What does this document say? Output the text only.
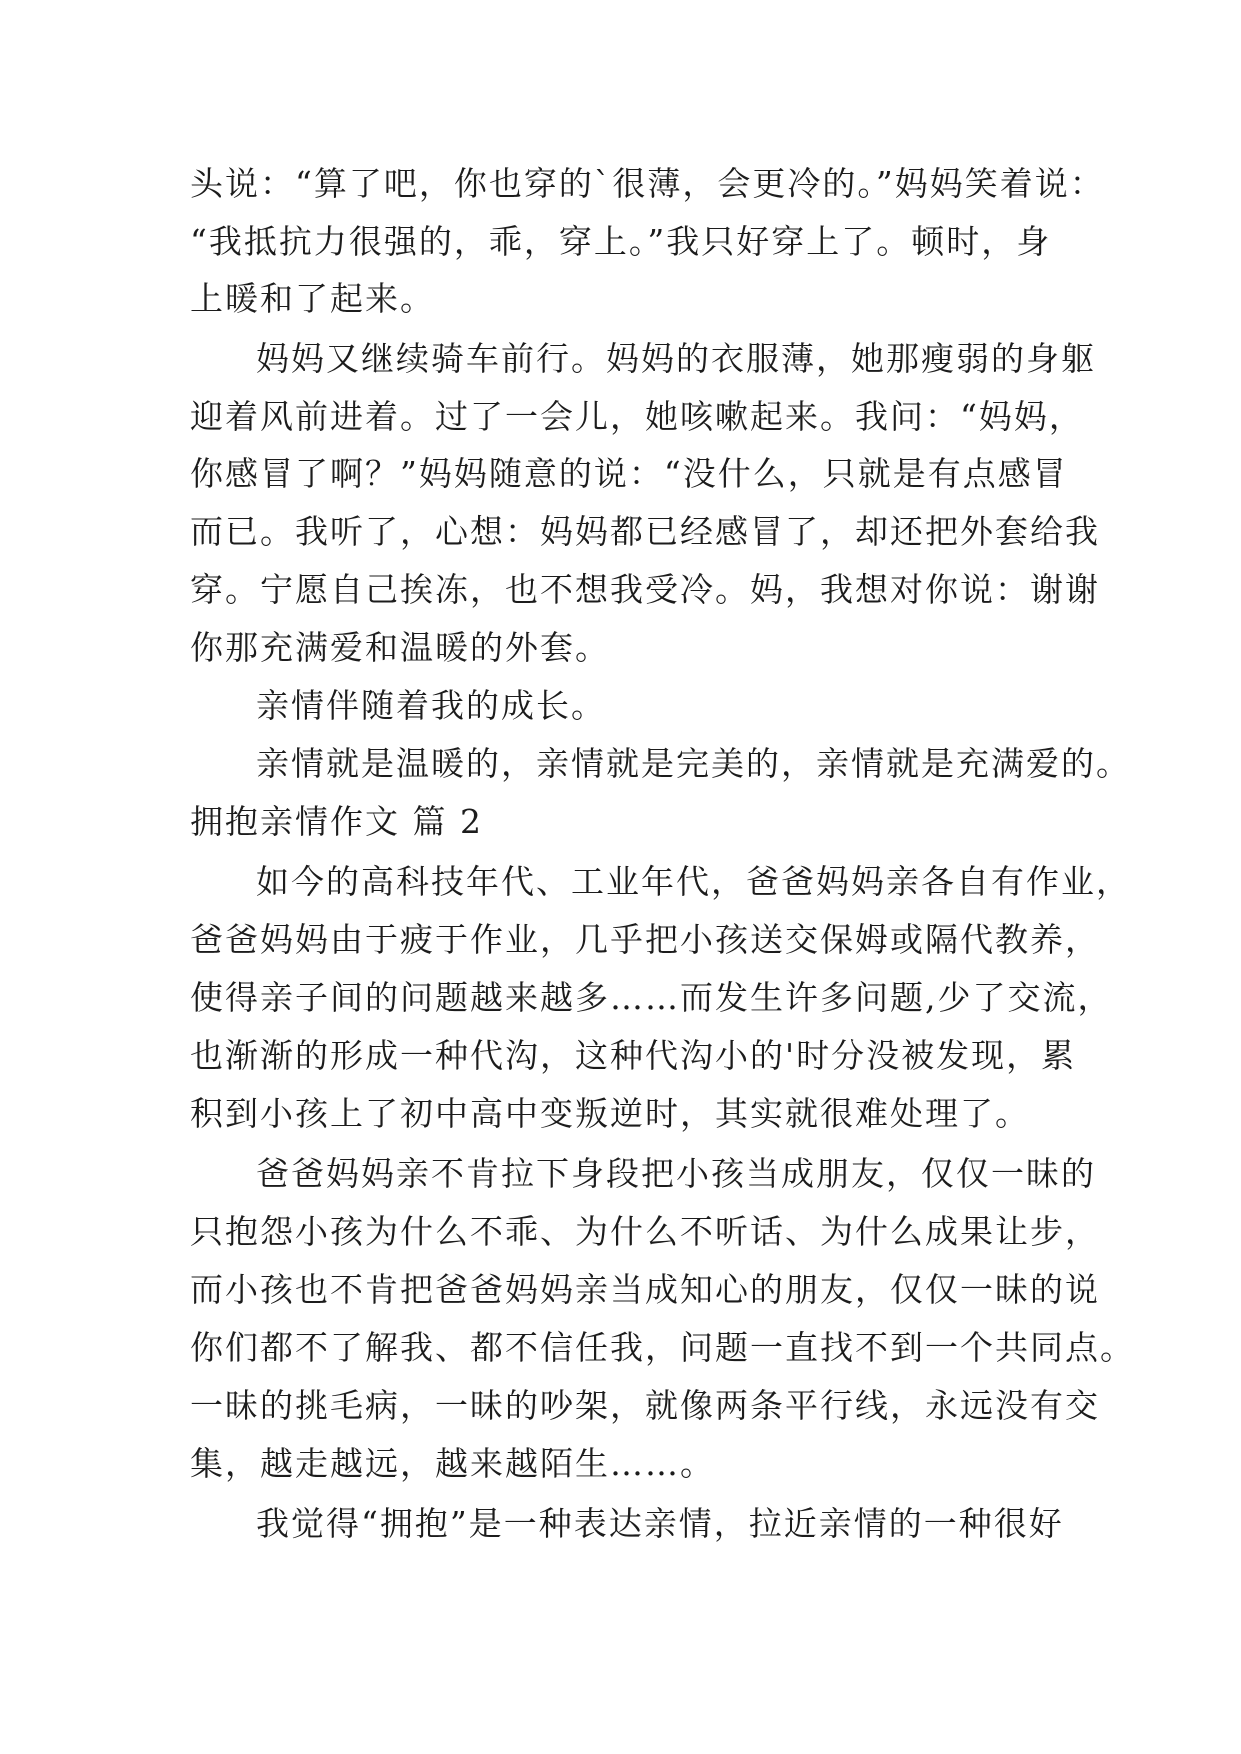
头说：“算了吧，你也穿的`很薄，会更冷的。”妈妈笑着说：
“我抵抗力很强的，乖，穿上。”我只好穿上了。顿时，身
上暖和了起来。
妈妈又继续骑车前行。妈妈的衣服薄，她那瘦弱的身躯
迎着风前进着。过了一会儿，她咳嗽起来。我问：“妈妈，
你感冒了啊？”妈妈随意的说：“没什么，只就是有点感冒
而已。我听了，心想：妈妈都已经感冒了，却还把外套给我
穿。宁愿自己挨冻，也不想我受冷。妈，我想对你说：谢谢
你那充满爱和温暖的外套。
亲情伴随着我的成长。
亲情就是温暖的，亲情就是完美的，亲情就是充满爱的。
拥抱亲情作文 篇 2
如今的高科技年代、工业年代，爸爸妈妈亲各自有作业，
爸爸妈妈由于疲于作业，几乎把小孩送交保姆或隔代教养，
使得亲子间的问题越来越多……而发生许多问题,少了交流，
也渐渐的形成一种代沟，这种代沟小的'时分没被发现，累
积到小孩上了初中高中变叛逆时，其实就很难处理了。
爸爸妈妈亲不肯拉下身段把小孩当成朋友，仅仅一昧的
只抱怨小孩为什么不乖、为什么不听话、为什么成果让步，
而小孩也不肯把爸爸妈妈亲当成知心的朋友，仅仅一昧的说
你们都不了解我、都不信任我，问题一直找不到一个共同点。
一昧的挑毛病，一昧的吵架，就像两条平行线，永远没有交
集，越走越远，越来越陌生……。
我觉得“拥抱”是一种表达亲情，拉近亲情的一种很好
